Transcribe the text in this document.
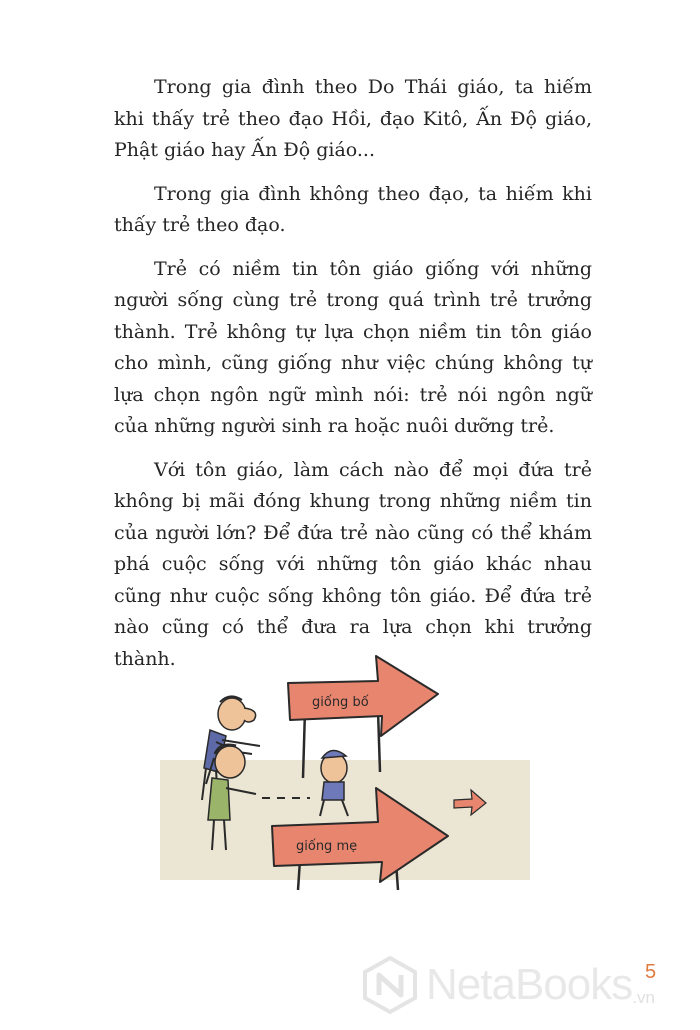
Trong gia đình theo Do Thái giáo, ta hiếm khi thấy trẻ theo đạo Hồi, đạo Kitô, Ấn Độ giáo, Phật giáo hay Ấn Độ giáo...

Trong gia đình không theo đạo, ta hiếm khi thấy trẻ theo đạo.

Trẻ có niềm tin tôn giáo giống với những người sống cùng trẻ trong quá trình trẻ trưởng thành. Trẻ không tự lựa chọn niềm tin tôn giáo cho mình, cũng giống như việc chúng không tự lựa chọn ngôn ngữ mình nói: trẻ nói ngôn ngữ của những người sinh ra hoặc nuôi dưỡng trẻ.

Với tôn giáo, làm cách nào để mọi đứa trẻ không bị mãi đóng khung trong những niềm tin của người lớn? Để đứa trẻ nào cũng có thể khám phá cuộc sống với những tôn giáo khác nhau cũng như cuộc sống không tôn giáo. Để đứa trẻ nào cũng có thể đưa ra lựa chọn khi trưởng thành.

giống bố
giống mẹ
NetaBooks .vn
5
